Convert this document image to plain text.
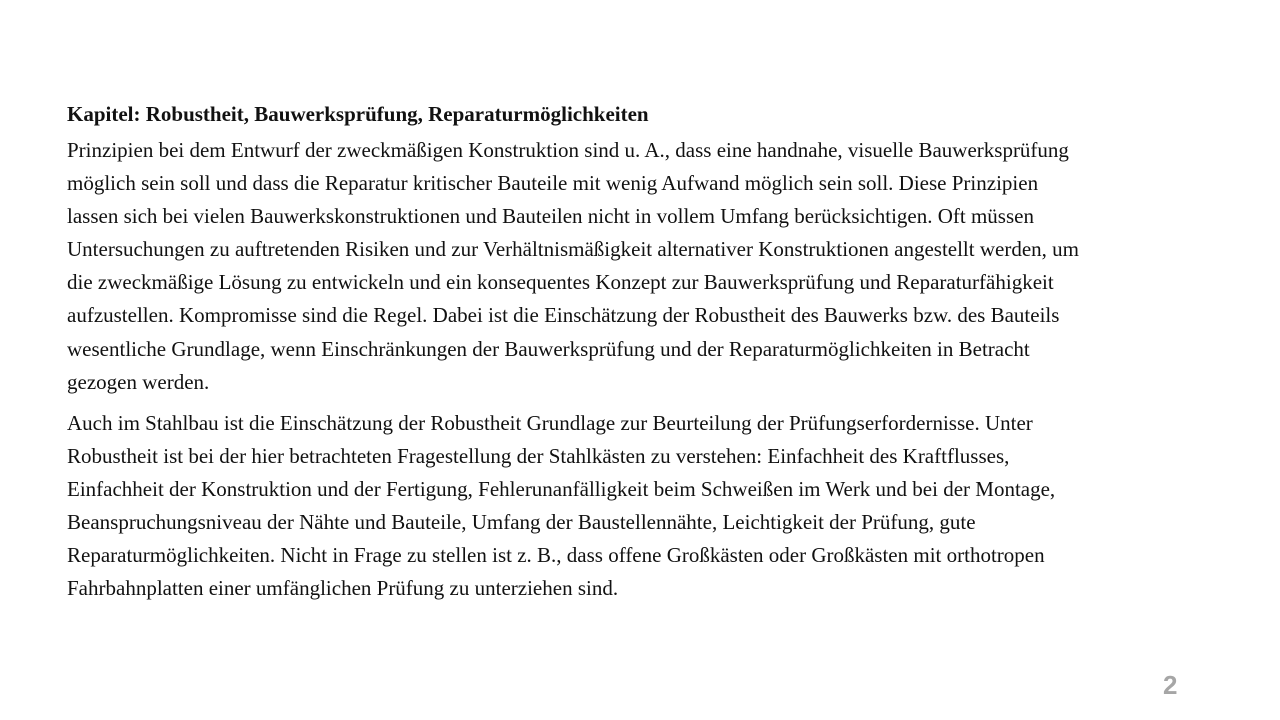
Kapitel: Robustheit, Bauwerksprüfung, Reparaturmöglichkeiten
Prinzipien bei dem Entwurf der zweckmäßigen Konstruktion sind u. A., dass eine handnahe, visuelle Bauwerksprüfung
möglich sein soll und dass die Reparatur kritischer Bauteile mit wenig Aufwand möglich sein soll. Diese Prinzipien
lassen sich bei vielen Bauwerkskonstruktionen und Bauteilen nicht in vollem Umfang berücksichtigen. Oft müssen
Untersuchungen zu auftretenden Risiken und zur Verhältnismäßigkeit alternativer Konstruktionen angestellt werden, um
die zweckmäßige Lösung zu entwickeln und ein konsequentes Konzept zur Bauwerksprüfung und Reparaturfähigkeit
aufzustellen. Kompromisse sind die Regel. Dabei ist die Einschätzung der Robustheit des Bauwerks bzw. des Bauteils
wesentliche Grundlage, wenn Einschränkungen der Bauwerksprüfung und der Reparaturmöglichkeiten in Betracht
gezogen werden.
Auch im Stahlbau ist die Einschätzung der Robustheit Grundlage zur Beurteilung der Prüfungserfordernisse. Unter
Robustheit ist bei der hier betrachteten Fragestellung der Stahlkästen zu verstehen: Einfachheit des Kraftflusses,
Einfachheit der Konstruktion und der Fertigung, Fehlerunanfälligkeit beim Schweißen im Werk und bei der Montage,
Beanspruchungsniveau der Nähte und Bauteile, Umfang der Baustellennähte, Leichtigkeit der Prüfung, gute
Reparaturmöglichkeiten. Nicht in Frage zu stellen ist z. B., dass offene Großkästen oder Großkästen mit orthotropen
Fahrbahnplatten einer umfänglichen Prüfung zu unterziehen sind.
2
